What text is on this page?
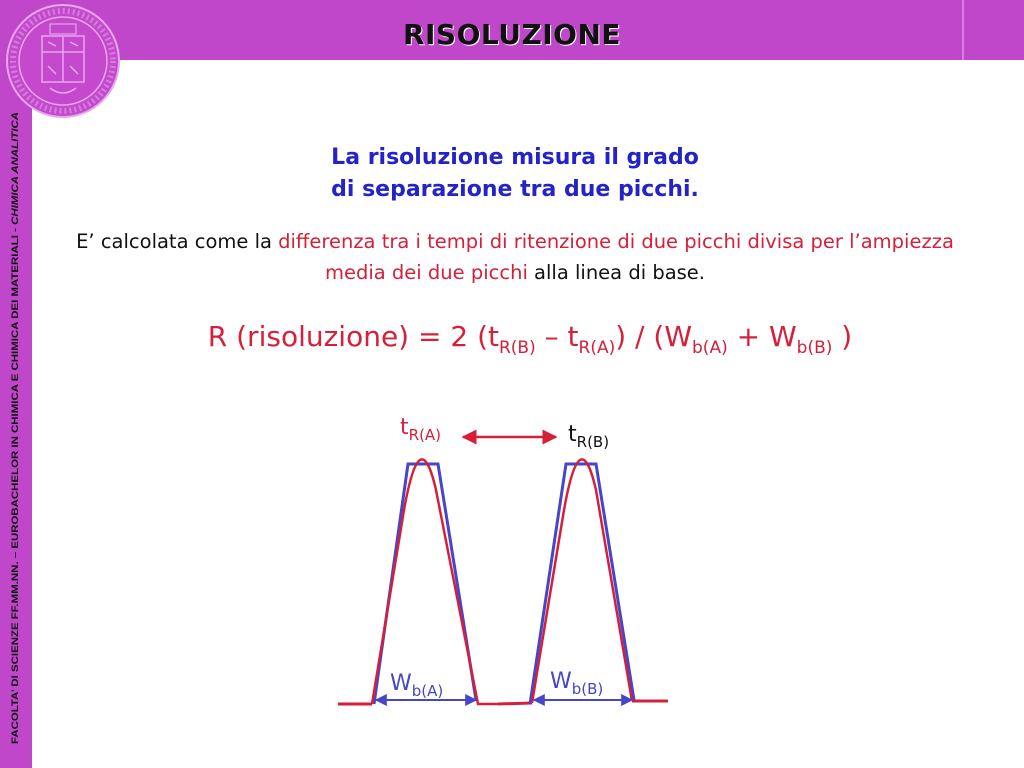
FACOLTA’ DI SCIENZE FF.MM.NN. – EUROBACHELOR IN CHIMICA E CHIMICA DEI MATERIALI - CHIMICA ANALITICA
RISOLUZIONE
La risoluzione misura il grado
di separazione tra due picchi.
E’ calcolata come la differenza tra i tempi di ritenzione di due picchi divisa per l’ampiezza media dei due picchi alla linea di base.
R (risoluzione) = 2 $(t_{R(B)} - t_{R(A)}) / (W_{b(A)} + W_{b(B)}$ )
$t_{R(A)}$	$t_{R(B)}$
$W_{b(A)}$	$W_{b(B)}$
